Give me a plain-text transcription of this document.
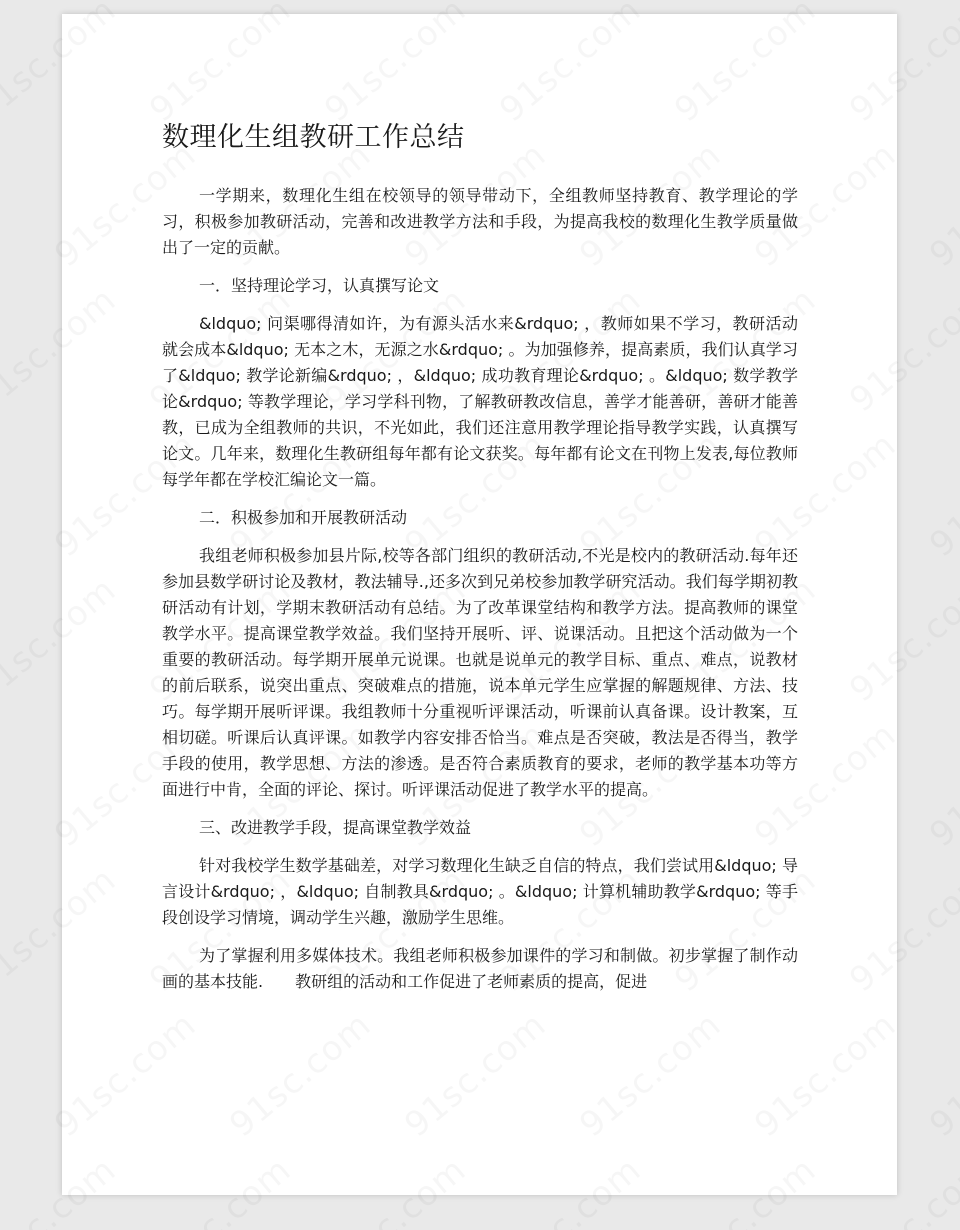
数理化生组教研工作总结

一学期来，数理化生组在校领导的领导带动下，全组教师坚持教育、教学理论的学习，积极参加教研活动，完善和改进教学方法和手段，为提高我校的数理化生教学质量做出了一定的贡献。

一．坚持理论学习，认真撰写论文

&ldquo; 问渠哪得清如许，为有源头活水来&rdquo; ，教师如果不学习，教研活动就会成本&ldquo; 无本之木，无源之水&rdquo; 。为加强修养，提高素质，我们认真学习了&ldquo; 教学论新编&rdquo; ，&ldquo; 成功教育理论&rdquo; 。&ldquo; 数学教学论&rdquo; 等教学理论，学习学科刊物，了解教研教改信息，善学才能善研，善研才能善教，已成为全组教师的共识，不光如此，我们还注意用教学理论指导教学实践，认真撰写论文。几年来，数理化生教研组每年都有论文获奖。每年都有论文在刊物上发表,每位教师每学年都在学校汇编论文一篇。

二．积极参加和开展教研活动

我组老师积极参加县片际,校等各部门组织的教研活动,不光是校内的教研活动.每年还参加县数学研讨论及教材，教法辅导.,还多次到兄弟校参加教学研究活动。我们每学期初教研活动有计划，学期末教研活动有总结。为了改革课堂结构和教学方法。提高教师的课堂教学水平。提高课堂教学效益。我们坚持开展听、评、说课活动。且把这个活动做为一个重要的教研活动。每学期开展单元说课。也就是说单元的教学目标、重点、难点，说教材的前后联系，说突出重点、突破难点的措施，说本单元学生应掌握的解题规律、方法、技巧。每学期开展听评课。我组教师十分重视听评课活动，听课前认真备课。设计教案，互相切磋。听课后认真评课。如教学内容安排否恰当。难点是否突破，教法是否得当，教学手段的使用，教学思想、方法的渗透。是否符合素质教育的要求，老师的教学基本功等方面进行中肯，全面的评论、探讨。听评课活动促进了教学水平的提高。

三、改进教学手段，提高课堂教学效益

针对我校学生数学基础差，对学习数理化生缺乏自信的特点，我们尝试用&ldquo; 导言设计&rdquo; ，&ldquo; 自制教具&rdquo; 。&ldquo; 计算机辅助教学&rdquo; 等手段创设学习情境，调动学生兴趣，激励学生思维。

为了掌握利用多媒体技术。我组老师积极参加课件的学习和制做。初步掌握了制作动画的基本技能.　　教研组的活动和工作促进了老师素质的提高，促进
